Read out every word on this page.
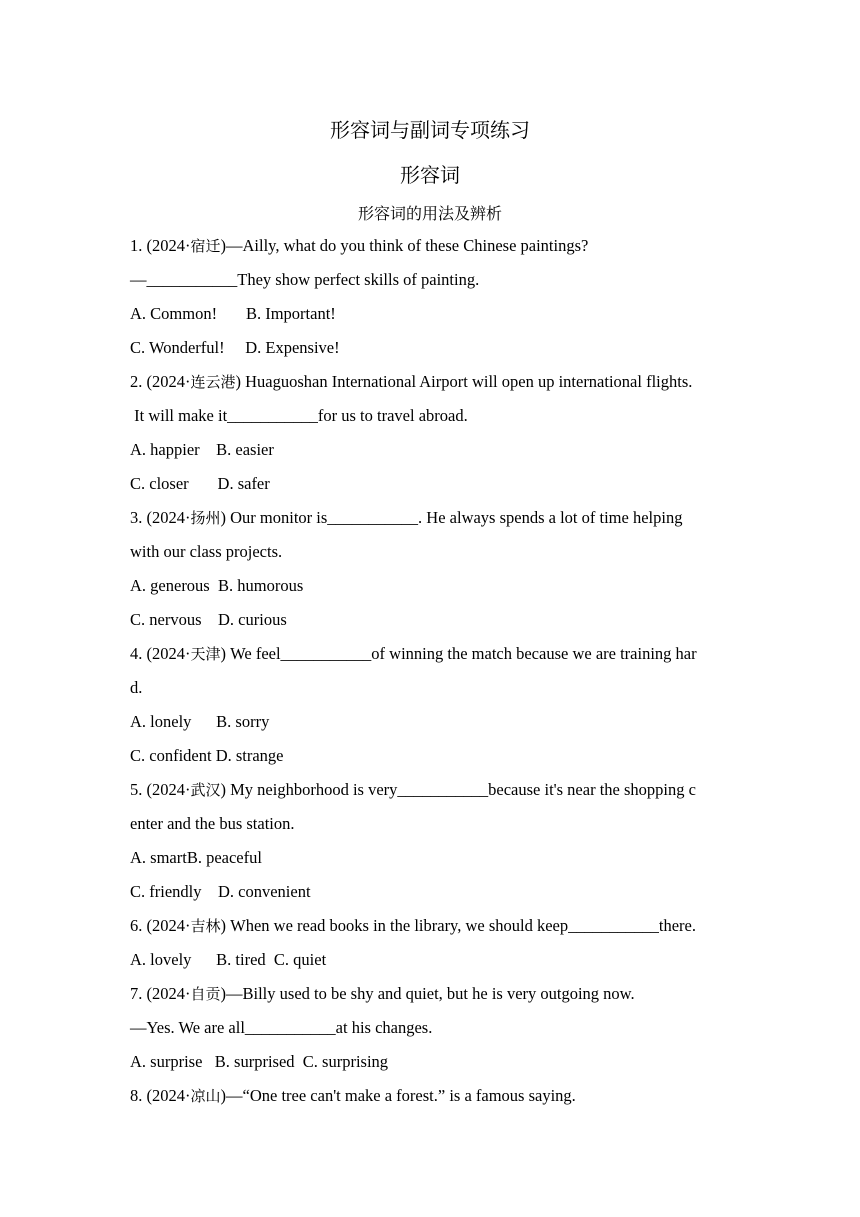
形容词与副词专项练习
形容词
形容词的用法及辨析
1. (2024·宿迁)—Ailly, what do you think of these Chinese paintings?
—___________They show perfect skills of painting.
A. Common!       B. Important!
C. Wonderful!     D. Expensive!
2. (2024·连云港) Huaguoshan International Airport will open up international flights.
It will make it___________for us to travel abroad.
A. happier    B. easier
C. closer       D. safer
3. (2024·扬州) Our monitor is___________. He always spends a lot of time helping
with our class projects.
A. generous  B. humorous
C. nervous    D. curious
4. (2024·天津) We feel___________of winning the match because we are training har
d.
A. lonely      B. sorry
C. confident D. strange
5. (2024·武汉) My neighborhood is very___________because it's near the shopping c
enter and the bus station.
A. smartB. peaceful
C. friendly    D. convenient
6. (2024·吉林) When we read books in the library, we should keep___________there.
A. lovely      B. tired  C. quiet
7. (2024·自贡)—Billy used to be shy and quiet, but he is very outgoing now.
—Yes. We are all___________at his changes.
A. surprise   B. surprised  C. surprising
8. (2024·凉山)—“One tree can't make a forest.” is a famous saying.
